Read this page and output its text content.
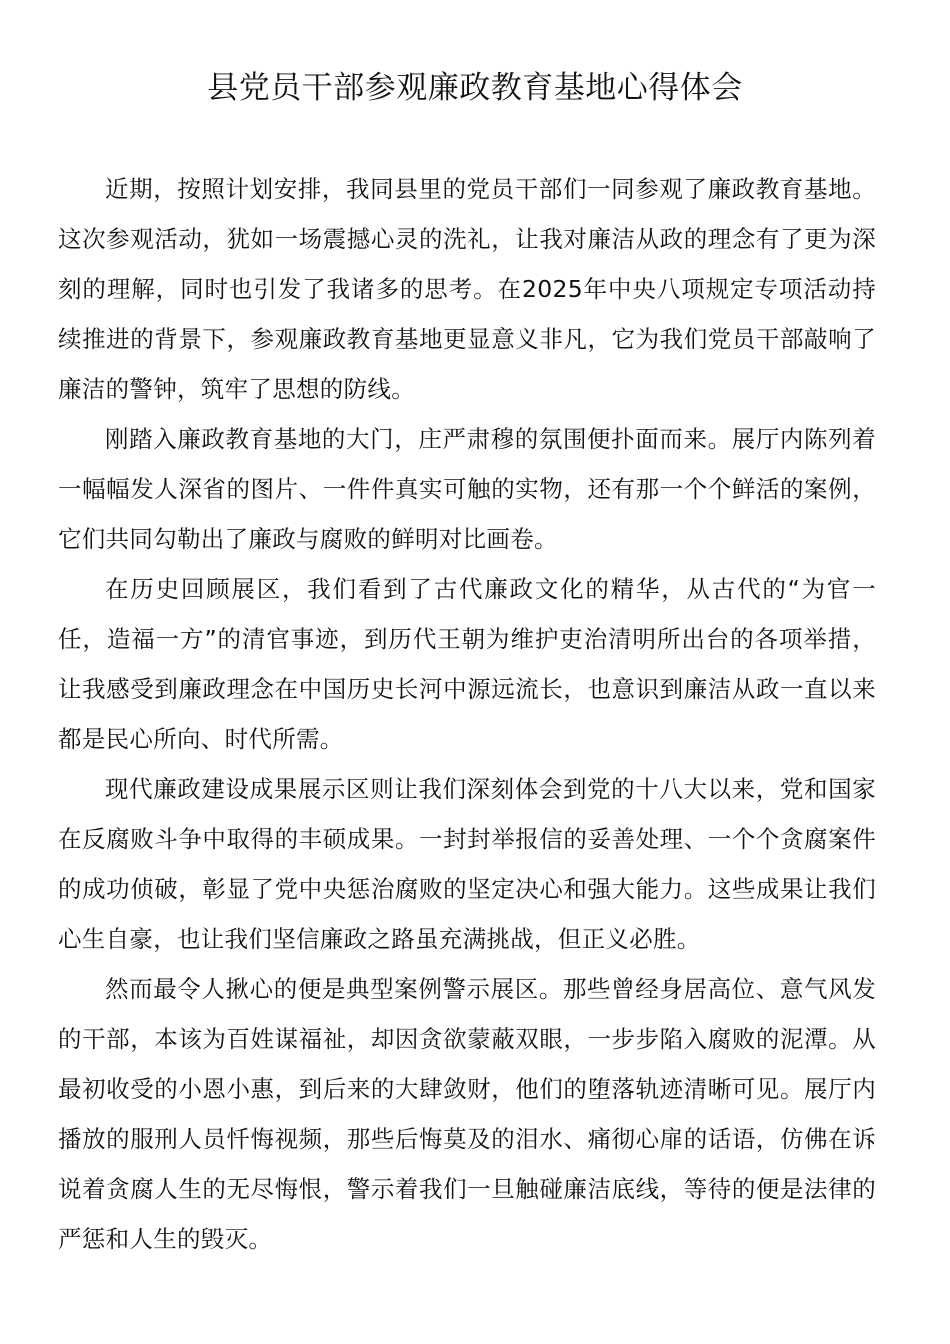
县党员干部参观廉政教育基地心得体会

近期，按照计划安排，我同县里的党员干部们一同参观了廉政教育基地。这次参观活动，犹如一场震撼心灵的洗礼，让我对廉洁从政的理念有了更为深刻的理解，同时也引发了我诸多的思考。在2025年中央八项规定专项活动持续推进的背景下，参观廉政教育基地更显意义非凡，它为我们党员干部敲响了廉洁的警钟，筑牢了思想的防线。

刚踏入廉政教育基地的大门，庄严肃穆的氛围便扑面而来。展厅内陈列着一幅幅发人深省的图片、一件件真实可触的实物，还有那一个个鲜活的案例，它们共同勾勒出了廉政与腐败的鲜明对比画卷。

在历史回顾展区，我们看到了古代廉政文化的精华，从古代的“为官一任，造福一方”的清官事迹，到历代王朝为维护吏治清明所出台的各项举措，让我感受到廉政理念在中国历史长河中源远流长，也意识到廉洁从政一直以来都是民心所向、时代所需。

现代廉政建设成果展示区则让我们深刻体会到党的十八大以来，党和国家在反腐败斗争中取得的丰硕成果。一封封举报信的妥善处理、一个个贪腐案件的成功侦破，彰显了党中央惩治腐败的坚定决心和强大能力。这些成果让我们心生自豪，也让我们坚信廉政之路虽充满挑战，但正义必胜。

然而最令人揪心的便是典型案例警示展区。那些曾经身居高位、意气风发的干部，本该为百姓谋福祉，却因贪欲蒙蔽双眼，一步步陷入腐败的泥潭。从最初收受的小恩小惠，到后来的大肆敛财，他们的堕落轨迹清晰可见。展厅内播放的服刑人员忏悔视频，那些后悔莫及的泪水、痛彻心扉的话语，仿佛在诉说着贪腐人生的无尽悔恨，警示着我们一旦触碰廉洁底线，等待的便是法律的严惩和人生的毁灭。
